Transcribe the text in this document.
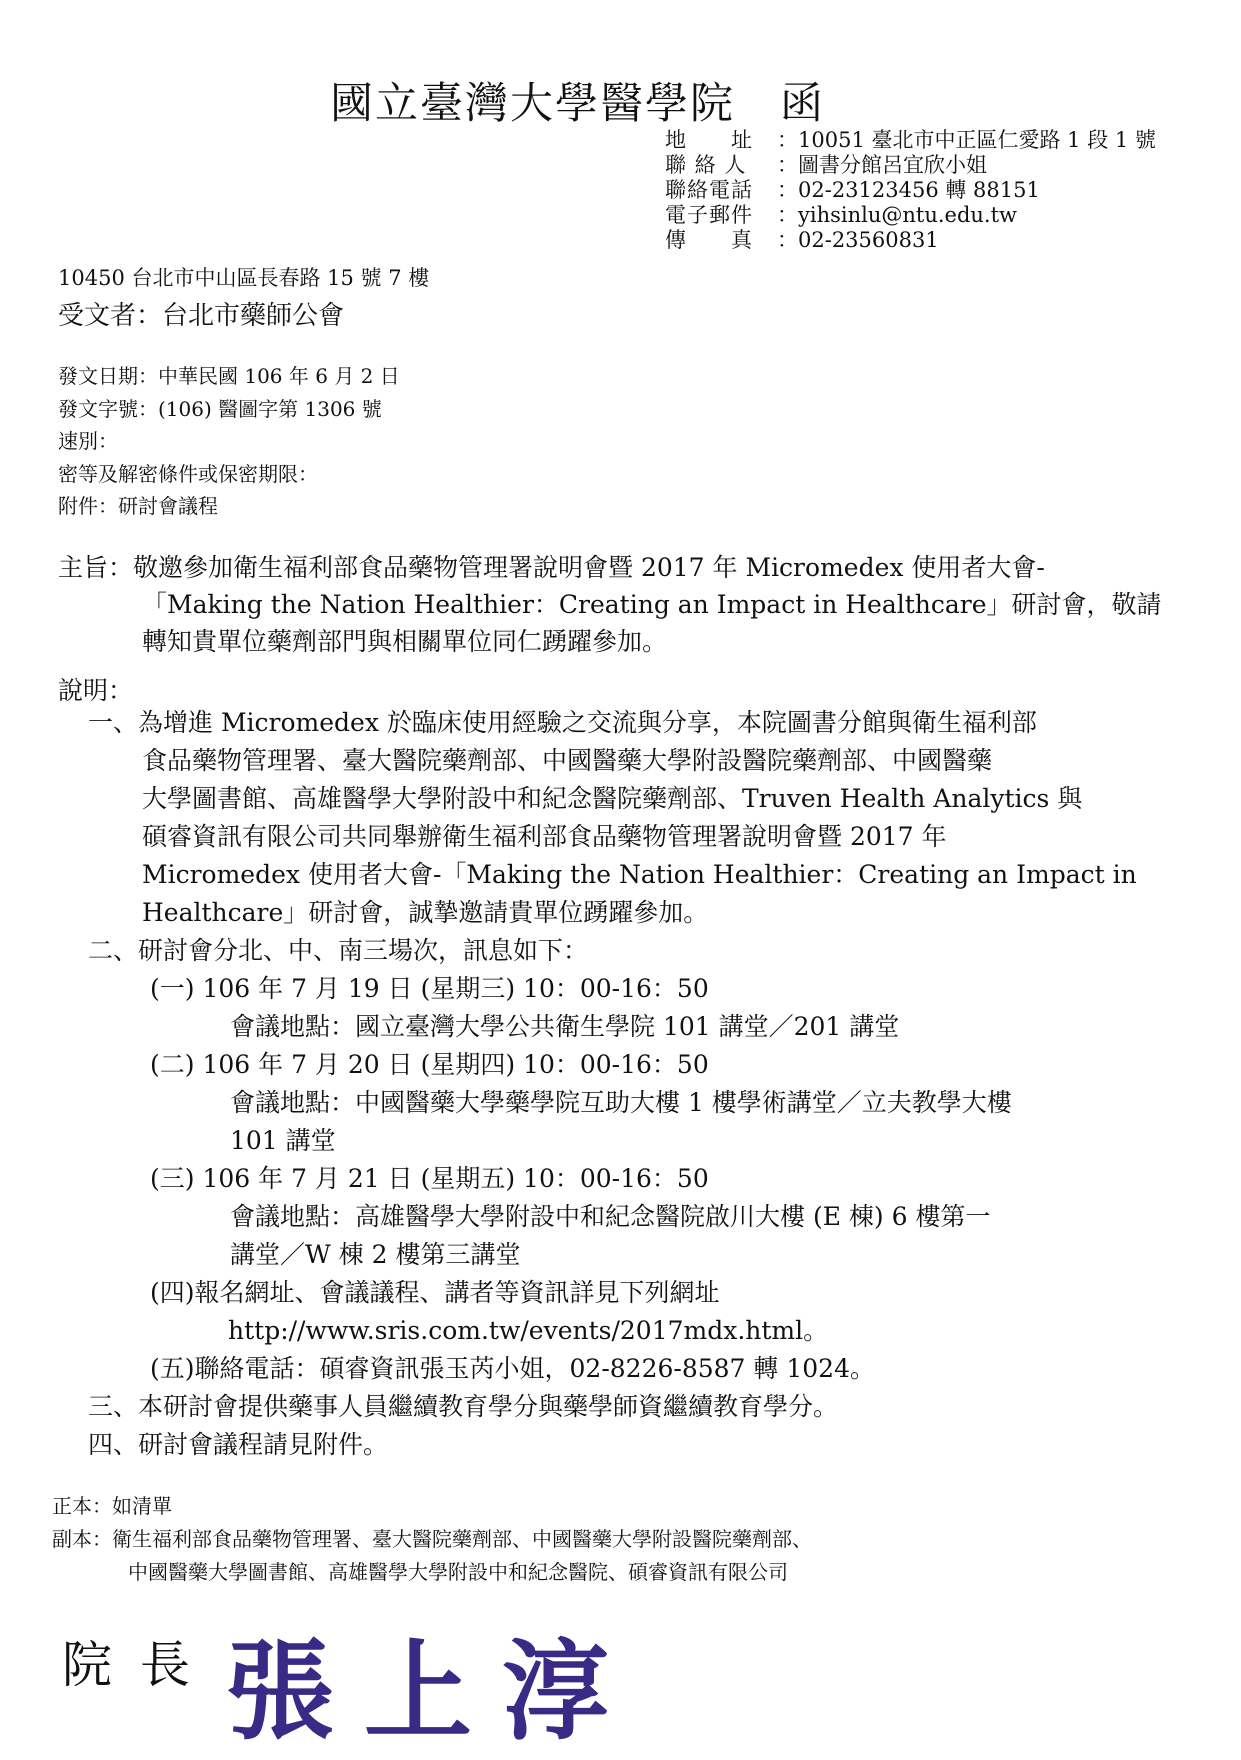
國立臺灣大學醫學院　函
地　　址	： 10051 臺北市中正區仁愛路 1 段 1 號
聯 絡 人	： 圖書分館呂宜欣小姐
聯絡電話	： 02-23123456 轉 88151
電子郵件	： yihsinlu@ntu.edu.tw
傳　　真	： 02-23560831
10450 台北市中山區長春路 15 號 7 樓
受文者：台北市藥師公會
發文日期：中華民國 106 年 6 月 2 日
發文字號：(106) 醫圖字第 1306 號
速別：
密等及解密條件或保密期限：
附件：研討會議程
主旨：敬邀參加衛生福利部食品藥物管理署說明會暨 2017 年 Micromedex 使用者大會-
「Making the Nation Healthier：Creating an Impact in Healthcare」研討會，敬請
轉知貴單位藥劑部門與相關單位同仁踴躍參加。
說明：
一、為增進 Micromedex 於臨床使用經驗之交流與分享，本院圖書分館與衛生福利部
食品藥物管理署、臺大醫院藥劑部、中國醫藥大學附設醫院藥劑部、中國醫藥
大學圖書館、高雄醫學大學附設中和紀念醫院藥劑部、Truven Health Analytics 與
碩睿資訊有限公司共同舉辦衛生福利部食品藥物管理署說明會暨 2017 年
Micromedex 使用者大會-「Making the Nation Healthier：Creating an Impact in
Healthcare」研討會，誠摯邀請貴單位踴躍參加。
二、研討會分北、中、南三場次，訊息如下：
(一) 106 年 7 月 19 日 (星期三) 10：00-16：50
會議地點：國立臺灣大學公共衛生學院 101 講堂／201 講堂
(二) 106 年 7 月 20 日 (星期四) 10：00-16：50
會議地點：中國醫藥大學藥學院互助大樓 1 樓學術講堂／立夫教學大樓
101 講堂
(三) 106 年 7 月 21 日 (星期五) 10：00-16：50
會議地點：高雄醫學大學附設中和紀念醫院啟川大樓 (E 棟) 6 樓第一
講堂／W 棟 2 樓第三講堂
(四)報名網址、會議議程、講者等資訊詳見下列網址
http://www.sris.com.tw/events/2017mdx.html。
(五)聯絡電話：碩睿資訊張玉芮小姐，02-8226-8587 轉 1024。
三、本研討會提供藥事人員繼續教育學分與藥學師資繼續教育學分。
四、研討會議程請見附件。
正本：如清單
副本：衛生福利部食品藥物管理署、臺大醫院藥劑部、中國醫藥大學附設醫院藥劑部、
中國醫藥大學圖書館、高雄醫學大學附設中和紀念醫院、碩睿資訊有限公司
院長 張上淳
